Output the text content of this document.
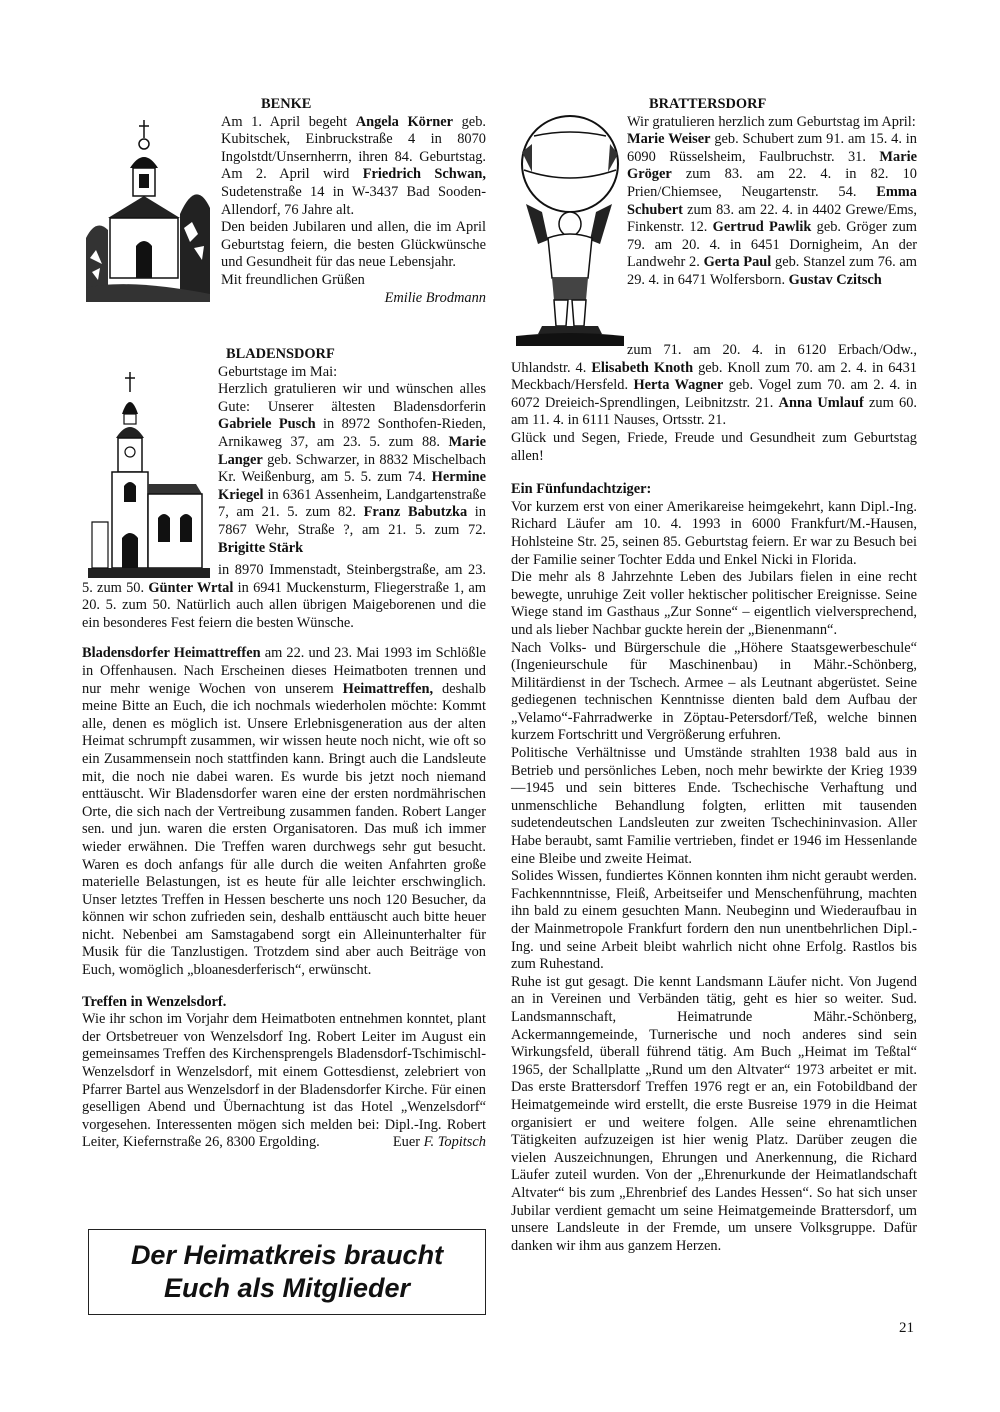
BENKE

Am 1. April begeht Angela Körner geb. Kubitschek, Einbruckstraße 4 in 8070 Ingolstdt/Unsernherrn, ihren 84. Geburtstag. Am 2. April wird Friedrich Schwan, Sudetenstraße 14 in W-3437 Bad Sooden-Allendorf, 76 Jahre alt.

Den beiden Jubilaren und allen, die im April Geburtstag feiern, die besten Glückwünsche und Gesundheit für das neue Lebensjahr.

Mit freundlichen Grüßen

Emilie Brodmann

BLADENSDORF

Geburtstage im Mai:

Herzlich gratulieren wir und wünschen alles Gute: Unserer ältesten Bladensdorferin Gabriele Pusch in 8972 Sonthofen-Rieden, Arnikaweg 37, am 23. 5. zum 88. Marie Langer geb. Schwarzer, in 8832 Mischelbach Kr. Weißenburg, am 5. 5. zum 74. Hermine Kriegel in 6361 Assenheim, Landgartenstraße 7, am 21. 5. zum 82. Franz Babutzka in 7867 Wehr, Straße ?, am 21. 5. zum 72. Brigitte Stärk

in 8970 Immenstadt, Steinbergstraße, am 23. 5. zum 50. Günter Wrtal in 6941 Muckensturm, Fliegerstraße 1, am 20. 5. zum 50. Natürlich auch allen übrigen Maigeborenen und die ein besonderes Fest feiern die besten Wünsche.

Bladensdorfer Heimattreffen am 22. und 23. Mai 1993 im Schlößle in Offenhausen. Nach Erscheinen dieses Heimatboten trennen und nur mehr wenige Wochen von unserem Heimattreffen, deshalb meine Bitte an Euch, die ich nochmals wiederholen möchte: Kommt alle, denen es möglich ist. Unsere Erlebnisgeneration aus der alten Heimat schrumpft zusammen, wir wissen heute noch nicht, wie oft so ein Zusammensein noch stattfinden kann. Bringt auch die Landsleute mit, die noch nie dabei waren. Es wurde bis jetzt noch niemand enttäuscht. Wir Bladensdorfer waren eine der ersten nordmährischen Orte, die sich nach der Vertreibung zusammen fanden. Robert Langer sen. und jun. waren die ersten Organisatoren. Das muß ich immer wieder erwähnen. Die Treffen waren durchwegs sehr gut besucht. Waren es doch anfangs für alle durch die weiten Anfahrten große materielle Belastungen, ist es heute für alle leichter erschwinglich. Unser letztes Treffen in Hessen bescherte uns noch 120 Besucher, da können wir schon zufrieden sein, deshalb enttäuscht auch bitte heuer nicht. Nebenbei am Samstagabend sorgt ein Alleinunterhalter für Musik für die Tanzlustigen. Trotzdem sind aber auch Beiträge von Euch, womöglich „bloanesderferisch“, erwünscht.

Treffen in Wenzelsdorf.

Wie ihr schon im Vorjahr dem Heimatboten entnehmen konntet, plant der Ortsbetreuer von Wenzelsdorf Ing. Robert Leiter im August ein gemeinsames Treffen des Kirchensprengels Bladensdorf-Tschimischl-Wenzelsdorf in Wenzelsdorf, mit einem Gottesdienst, zelebriert von Pfarrer Bartel aus Wenzelsdorf in der Bladensdorfer Kirche. Für einen geselligen Abend und Übernachtung ist das Hotel „Wenzelsdorf“ vorgesehen. Interessenten mögen sich melden bei: Dipl.-Ing. Robert Leiter, Kiefernstraße 26, 8300 Ergolding.	Euer F. Topitsch

Der Heimatkreis braucht
Euch als Mitglieder

BRATTERSDORF

Wir gratulieren herzlich zum Geburtstag im April:

Marie Weiser geb. Schubert zum 91. am 15. 4. in 6090 Rüsselsheim, Faulbruchstr. 31. Marie Gröger zum 83. am 22. 4. in 82. 10 Prien/Chiemsee, Neugartenstr. 54. Emma Schubert zum 83. am 22. 4. in 4402 Grewe/Ems, Finkenstr. 12. Gertrud Pawlik geb. Gröger zum 79. am 20. 4. in 6451 Dornigheim, An der Landwehr 2. Gerta Paul geb. Stanzel zum 76. am 29. 4. in 6471 Wolfersborn. Gustav Czitsch

zum 71. am 20. 4. in 6120 Erbach/Odw., Uhlandstr. 4. Elisabeth Knoth geb. Knoll zum 70. am 2. 4. in 6431 Meckbach/Hersfeld. Herta Wagner geb. Vogel zum 70. am 2. 4. in 6072 Dreieich-Sprendlingen, Leibnitzstr. 21. Anna Umlauf zum 60. am 11. 4. in 6111 Nauses, Ortsstr. 21.

Glück und Segen, Friede, Freude und Gesundheit zum Geburtstag allen!

Ein Fünfundachtziger:

Vor kurzem erst von einer Amerikareise heimgekehrt, kann Dipl.-Ing. Richard Läufer am 10. 4. 1993 in 6000 Frankfurt/M.-Hausen, Hohlsteine Str. 25, seinen 85. Geburtstag feiern. Er war zu Besuch bei der Familie seiner Tochter Edda und Enkel Nicki in Florida.

Die mehr als 8 Jahrzehnte Leben des Jubilars fielen in eine recht bewegte, unruhige Zeit voller hektischer politischer Ereignisse. Seine Wiege stand im Gasthaus „Zur Sonne“ – eigentlich vielversprechend, und als lieber Nachbar guckte herein der „Bienenmann“.

Nach Volks- und Bürgerschule die „Höhere Staatsgewerbeschule“ (Ingenieurschule für Maschinenbau) in Mähr.-Schönberg, Militärdienst in der Tschech. Armee – als Leutnant abgerüstet. Seine gediegenen technischen Kenntnisse dienten bald dem Aufbau der „Velamo“-Fahrradwerke in Zöptau-Petersdorf/Teß, welche binnen kurzem Fortschritt und Vergrößerung erfuhren.

Politische Verhältnisse und Umstände strahlten 1938 bald aus in Betrieb und persönliches Leben, noch mehr bewirkte der Krieg 1939—1945 und sein bitteres Ende. Tschechische Verhaftung und unmenschliche Behandlung folgten, erlitten mit tausenden sudetendeutschen Landsleuten zur zweiten Tschechininvasion. Aller Habe beraubt, samt Familie vertrieben, findet er 1946 im Hessenlande eine Bleibe und zweite Heimat.

Solides Wissen, fundiertes Können konnten ihm nicht geraubt werden. Fachkennntnisse, Fleiß, Arbeitseifer und Menschenführung, machten ihn bald zu einem gesuchten Mann. Neubeginn und Wiederaufbau in der Mainmetropole Frankfurt fordern den nun unentbehrlichen Dipl.-Ing. und seine Arbeit bleibt wahrlich nicht ohne Erfolg. Rastlos bis zum Ruhestand.

Ruhe ist gut gesagt. Die kennt Landsmann Läufer nicht. Von Jugend an in Vereinen und Verbänden tätig, geht es hier so weiter. Sud. Landsmannschaft, Heimatrunde Mähr.-Schönberg, Ackermanngemeinde, Turnerische und noch anderes sind sein Wirkungsfeld, überall führend tätig. Am Buch „Heimat im Teßtal“ 1965, der Schallplatte „Rund um den Altvater“ 1973 arbeitet er mit. Das erste Brattersdorf Treffen 1976 regt er an, ein Fotobildband der Heimatgemeinde wird erstellt, die erste Busreise 1979 in die Heimat organisiert er und weitere folgen. Alle seine ehrenamtlichen Tätigkeiten aufzuzeigen ist hier wenig Platz. Darüber zeugen die vielen Auszeichnungen, Ehrungen und Anerkennung, die Richard Läufer zuteil wurden. Von der „Ehrenurkunde der Heimatlandschaft Altvater“ bis zum „Ehrenbrief des Landes Hessen“. So hat sich unser Jubilar verdient gemacht um seine Heimatgemeinde Brattersdorf, um unsere Landsleute in der Fremde, um unsere Volksgruppe. Dafür danken wir ihm aus ganzem Herzen.

21
